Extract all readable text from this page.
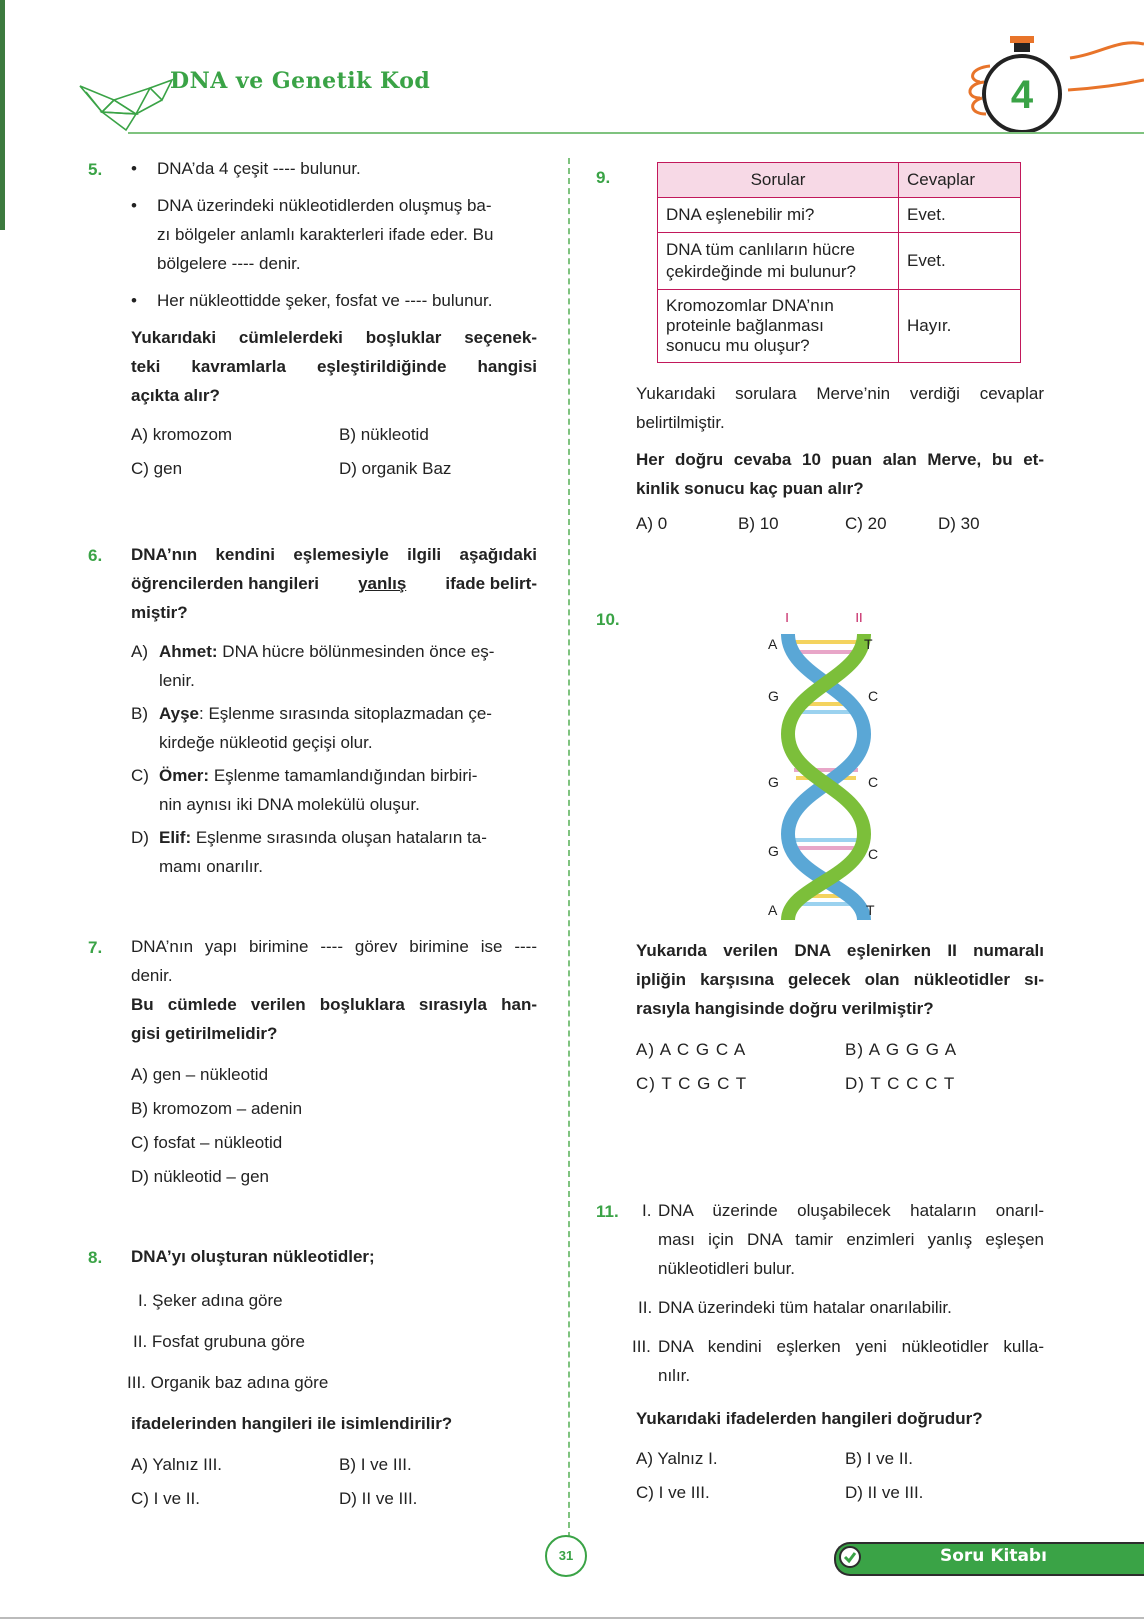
DNA ve Genetik Kod	4
5. • DNA’da 4 çeşit ---- bulunur.
• DNA üzerindeki nükleotidlerden oluşmuş ba-
zı bölgeler anlamlı karakterleri ifade eder. Bu
bölgelere ---- denir.
• Her nükleottidde şeker, fosfat ve ---- bulunur.
Yukarıdaki cümlelerdeki boşluklar seçenek-
teki kavramlarla eşleştirildiğinde hangisi
açıkta alır?
A) kromozom	B) nükleotid
C) gen	D) organik Baz
6. DNA’nın kendini eşlemesiyle ilgili aşağıdaki
öğrencilerden hangileri yanlış ifade belirt-
miştir?
A) Ahmet: DNA hücre bölünmesinden önce eş-
lenir.
B) Ayşe: Eşlenme sırasında sitoplazmadan çe-
kirdeğe nükleotid geçişi olur.
C) Ömer: Eşlenme tamamlandığından birbiri-
nin aynısı iki DNA molekülü oluşur.
D) Elif: Eşlenme sırasında oluşan hataların ta-
mamı onarılır.
7. DNA’nın yapı birimine ---- görev birimine ise ----
denir.
Bu cümlede verilen boşluklara sırasıyla han-
gisi getirilmelidir?
A) gen – nükleotid
B) kromozom – adenin
C) fosfat – nükleotid
D) nükleotid – gen
8. DNA’yı oluşturan nükleotidler;
I. Şeker adına göre
II. Fosfat grubuna göre
III. Organik baz adına göre
ifadelerinden hangileri ile isimlendirilir?
A) Yalnız III.	B) I ve III.
C) I ve II.	D) II ve III.
9.	Sorular	Cevaplar

DNA eşlenebilir mi?	Evet.

DNA tüm canlıların hücre
çekirdeğinde mi bulunur?	Evet.

Kromozomlar DNA’nın
proteinle bağlanması
sonucu mu oluşur?	Hayır.
Yukarıdaki sorulara Merve’nin verdiği cevaplar
belirtilmiştir.
Her doğru cevaba 10 puan alan Merve, bu et-
kinlik sonucu kaç puan alır?
A) 0	B) 10	C) 20	D) 30
10.	I	II
A
G
G
G
A
T
C
C
C
T
Yukarıda verilen DNA eşlenirken II numaralı
ipliğin karşısına gelecek olan nükleotidler sı-
rasıyla hangisinde doğru verilmiştir?
A) A C G C A	B) A G G G A
C) T C G C T	D) T C C C T
11. I. DNA üzerinde oluşabilecek hataların onarıl-
ması için DNA tamir enzimleri yanlış eşleşen
nükleotidleri bulur.
II. DNA üzerindeki tüm hatalar onarılabilir.
III. DNA kendini eşlerken yeni nükleotidler kulla-
nılır.
Yukarıdaki ifadelerden hangileri doğrudur?
A) Yalnız I.	B) I ve II.
C) I ve III.	D) II ve III.
31	Soru Kitabı
